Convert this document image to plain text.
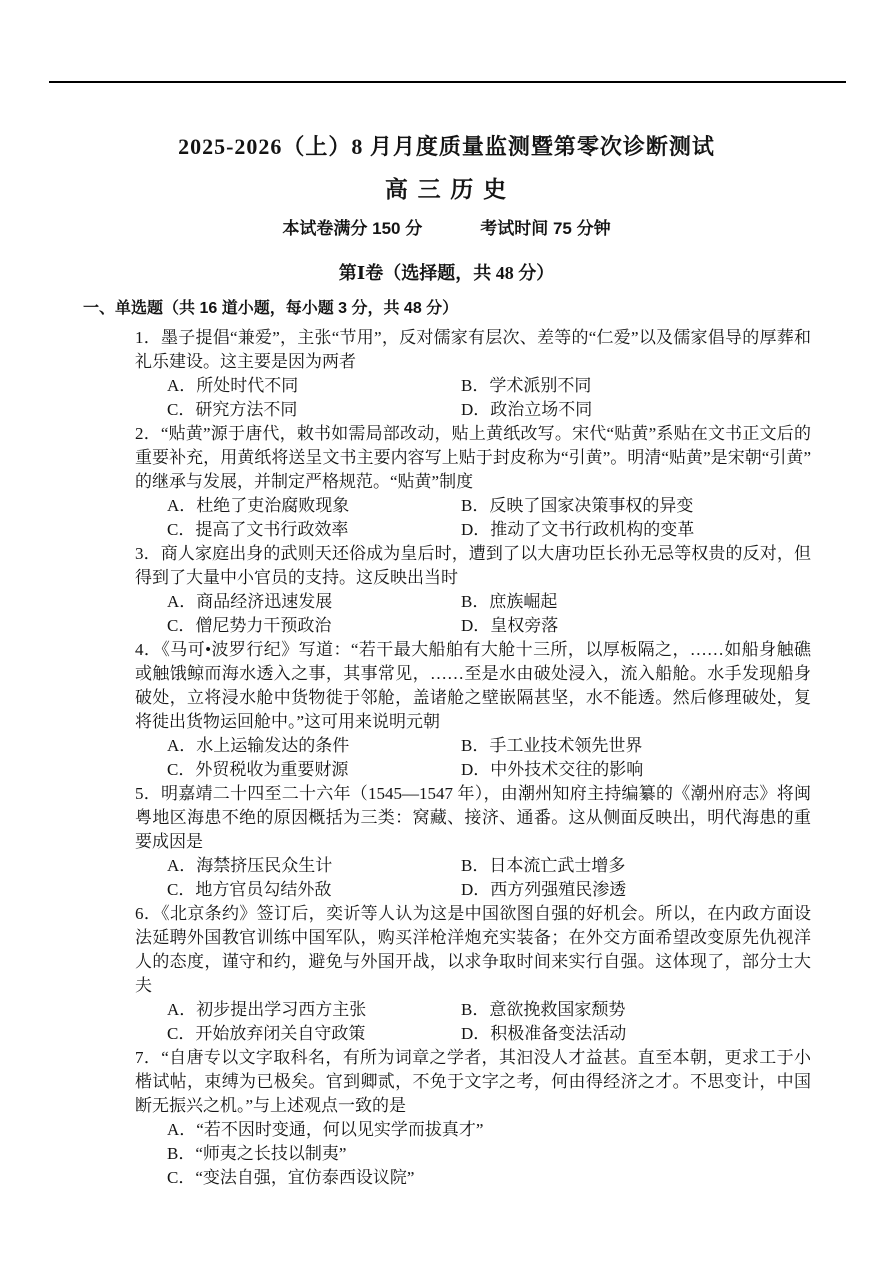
2025-2026（上）8 月月度质量监测暨第零次诊断测试
高 三 历 史

本试卷满分 150 分	考试时间 75 分钟

第Ⅰ卷（选择题，共 48 分）
一、单选题（共 16 道小题，每小题 3 分，共 48 分）

1．墨子提倡“兼爱”，主张“节用”，反对儒家有层次、差等的“仁爱”以及儒家倡导的厚葬和礼乐建设。这主要是因为两者

A．所处时代不同	B．学术派别不同
C．研究方法不同	D．政治立场不同

2．“贴黄”源于唐代，敕书如需局部改动，贴上黄纸改写。宋代“贴黄”系贴在文书正文后的重要补充，用黄纸将送呈文书主要内容写上贴于封皮称为“引黄”。明清“贴黄”是宋朝“引黄”的继承与发展，并制定严格规范。“贴黄”制度

A．杜绝了吏治腐败现象	B．反映了国家决策事权的异变
C．提高了文书行政效率	D．推动了文书行政机构的变革

3．商人家庭出身的武则天还俗成为皇后时，遭到了以大唐功臣长孙无忌等权贵的反对，但得到了大量中小官员的支持。这反映出当时

A．商品经济迅速发展	B．庶族崛起
C．僧尼势力干预政治	D．皇权旁落

4．《马可•波罗行纪》写道：“若干最大船舶有大舱十三所，以厚板隔之，……如船身触礁或触饿鲸而海水透入之事，其事常见，……至是水由破处浸入，流入船舱。水手发现船身破处，立将浸水舱中货物徙于邻舱，盖诸舱之壁嵌隔甚坚，水不能透。然后修理破处，复将徙出货物运回舱中。”这可用来说明元朝

A．水上运输发达的条件	B．手工业技术领先世界
C．外贸税收为重要财源	D．中外技术交往的影响

5．明嘉靖二十四至二十六年（1545—1547 年），由潮州知府主持编纂的《潮州府志》将闽粤地区海患不绝的原因概括为三类：窝藏、接济、通番。这从侧面反映出，明代海患的重要成因是

A．海禁挤压民众生计	B．日本流亡武士增多
C．地方官员勾结外敌	D．西方列强殖民渗透

6．《北京条约》签订后，奕䜣等人认为这是中国欲图自强的好机会。所以，在内政方面设法延聘外国教官训练中国军队，购买洋枪洋炮充实装备；在外交方面希望改变原先仇视洋人的态度，谨守和约，避免与外国开战，以求争取时间来实行自强。这体现了，部分士大夫

A．初步提出学习西方主张	B．意欲挽救国家颓势
C．开始放弃闭关自守政策	D．积极准备变法活动

7．“自唐专以文字取科名，有所为词章之学者，其汩没人才益甚。直至本朝，更求工于小楷试帖，束缚为已极矣。官到卿贰，不免于文字之考，何由得经济之才。不思变计，中国断无振兴之机。”与上述观点一致的是

A．“若不因时变通，何以见实学而拔真才”
B．“师夷之长技以制夷”
C．“变法自强，宜仿泰西设议院”
